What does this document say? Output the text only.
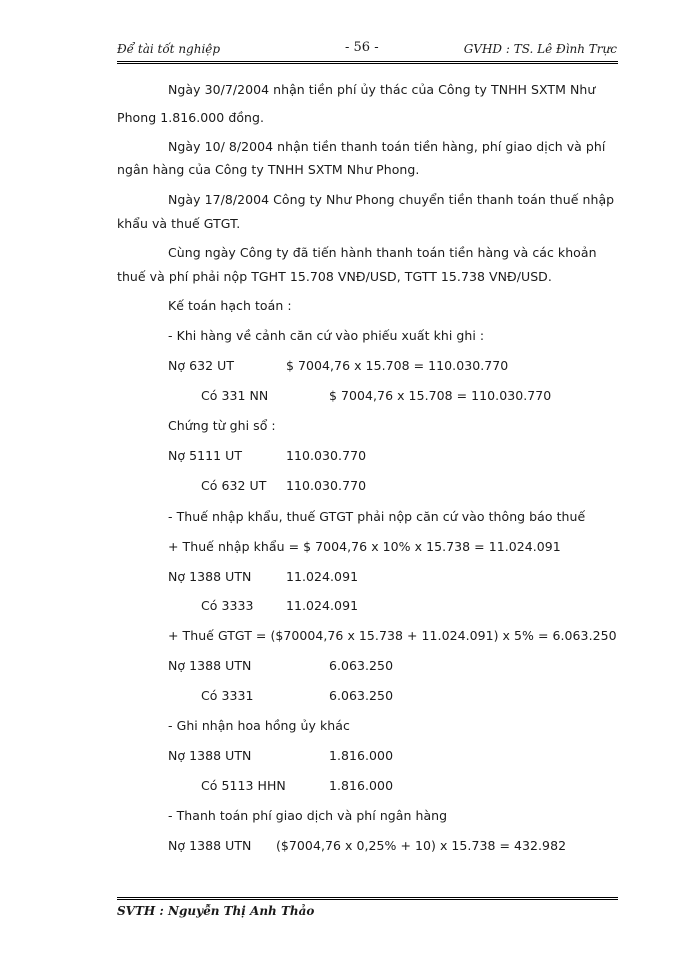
Để tài tốt nghiệp	- 56 -	GVHD : TS. Lê Đình Trực
Ngày 30/7/2004 nhận tiền phí ủy thác của Công ty TNHH SXTM Như
Phong 1.816.000 đồng.
Ngày 10/ 8/2004 nhận tiền thanh toán tiền hàng, phí giao dịch và phí
ngân hàng của Công ty TNHH SXTM Như Phong.
Ngày 17/8/2004 Công ty Như Phong chuyển tiền thanh toán thuế nhập
khẩu và thuế GTGT.
Cùng ngày Công ty đã tiến hành thanh toán tiền hàng và các khoản
thuế và phí phải nộp TGHT 15.708 VNĐ/USD, TGTT 15.738 VNĐ/USD.
Kế toán hạch toán :
- Khi hàng về cảnh căn cứ vào phiếu xuất khi ghi :
Nợ 632 UT	$ 7004,76 x 15.708 = 110.030.770
Có 331 NN	$ 7004,76 x 15.708 = 110.030.770
Chứng từ ghi sổ :
Nợ 5111 UT	110.030.770
Có 632 UT 110.030.770
- Thuế nhập khẩu, thuế GTGT phải nộp căn cứ vào thông báo thuế
+ Thuế nhập khẩu = $ 7004,76 x 10% x 15.738 = 11.024.091
Nợ 1388 UTN	11.024.091
Có 3333	11.024.091
+ Thuế GTGT = ($70004,76 x 15.738 + 11.024.091) x 5% = 6.063.250
Nợ 1388 UTN	6.063.250
Có 3331	6.063.250
- Ghi nhận hoa hồng ủy khác
Nợ 1388 UTN	1.816.000
Có 5113 HHN	1.816.000
- Thanh toán phí giao dịch và phí ngân hàng
Nợ 1388 UTN ($7004,76 x 0,25% + 10) x 15.738 = 432.982
SVTH : Nguyễn Thị Anh Thảo
